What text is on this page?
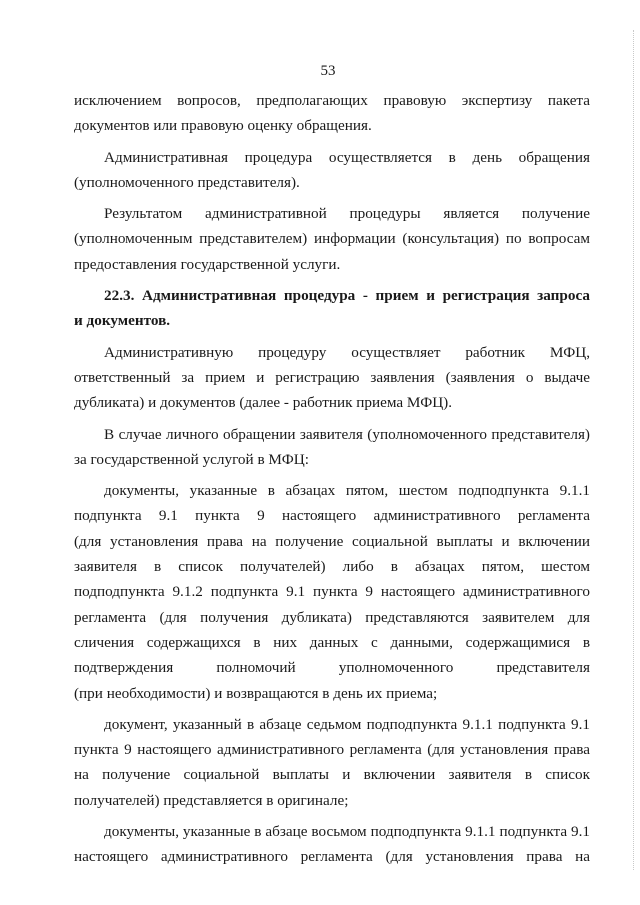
53
исключением вопросов, предполагающих правовую экспертизу пакета
документов или правовую оценку обращения.
Административная процедура осуществляется в день обращения
(уполномоченного представителя).
Результатом административной процедуры является получение
(уполномоченным представителем) информации (консультация) по вопросам
предоставления государственной услуги.
22.3. Административная процедура - прием и регистрация запроса
и документов.
Административную процедуру осуществляет работник МФЦ,
ответственный за прием и регистрацию заявления (заявления о выдаче
дубликата) и документов (далее - работник приема МФЦ).
В случае личного обращении заявителя (уполномоченного представителя)
за государственной услугой в МФЦ:
документы, указанные в абзацах пятом, шестом подподпункта 9.1.1
подпункта 9.1 пункта 9 настоящего административного регламента
(для установления права на получение социальной выплаты и включении
заявителя в список получателей) либо в абзацах пятом, шестом
подподпункта 9.1.2 подпункта 9.1 пункта 9 настоящего административного
регламента (для получения дубликата) представляются заявителем для
сличения содержащихся в них данных с данными, содержащимися в
подтверждения полномочий уполномоченного представителя
(при необходимости) и возвращаются в день их приема;
документ, указанный в абзаце седьмом подподпункта 9.1.1 подпункта 9.1
пункта 9 настоящего административного регламента (для установления права
на получение социальной выплаты и включении заявителя в список
получателей) представляется в оригинале;
документы, указанные в абзаце восьмом подподпункта 9.1.1 подпункта 9.1
настоящего административного регламента (для установления права на
